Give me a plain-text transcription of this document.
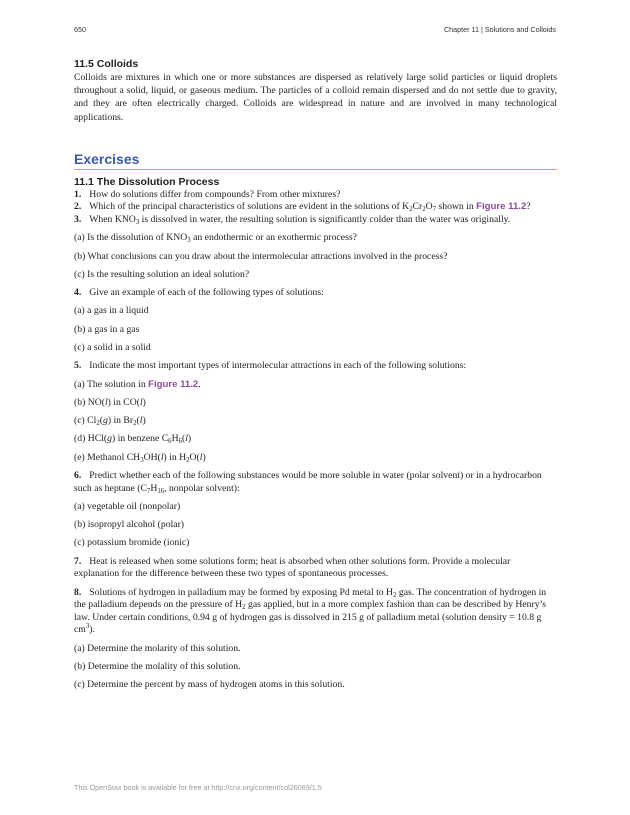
650	Chapter 11 | Solutions and Colloids
11.5 Colloids

Colloids are mixtures in which one or more substances are dispersed as relatively large solid particles or liquid droplets throughout a solid, liquid, or gaseous medium. The particles of a colloid remain dispersed and do not settle due to gravity, and they are often electrically charged. Colloids are widespread in nature and are involved in many technological applications.

Exercises
11.1 The Dissolution Process

1. How do solutions differ from compounds? From other mixtures?

2. Which of the principal characteristics of solutions are evident in the solutions of $K_2Cr_2O_7$ shown in Figure 11.2?

3. When $KNO_3$ is dissolved in water, the resulting solution is significantly colder than the water was originally.

(a) Is the dissolution of $KNO_3$ an endothermic or an exothermic process?

(b) What conclusions can you draw about the intermolecular attractions involved in the process?

(c) Is the resulting solution an ideal solution?

4. Give an example of each of the following types of solutions:

(a) a gas in a liquid

(b) a gas in a gas

(c) a solid in a solid

5. Indicate the most important types of intermolecular attractions in each of the following solutions:

(a) The solution in Figure 11.2.

(b) NO(l) in CO(l)

(c) $Cl_2(g)$ in $Br_2(l)$

(d) HCl(g) in benzene $C_6H_6(l)$

(e) Methanol $CH_3OH(l)$ in $H_2O(l)$

6. Predict whether each of the following substances would be more soluble in water (polar solvent) or in a hydrocarbon such as heptane ($C_7H_{16}$, nonpolar solvent):

(a) vegetable oil (nonpolar)

(b) isopropyl alcohol (polar)

(c) potassium bromide (ionic)

7. Heat is released when some solutions form; heat is absorbed when other solutions form. Provide a molecular explanation for the difference between these two types of spontaneous processes.

8. Solutions of hydrogen in palladium may be formed by exposing Pd metal to $H_2$ gas. The concentration of hydrogen in the palladium depends on the pressure of $H_2$ gas applied, but in a more complex fashion than can be described by Henry’s law. Under certain conditions, 0.94 g of hydrogen gas is dissolved in 215 g of palladium metal (solution density = 10.8 g $cm^3$).

(a) Determine the molarity of this solution.

(b) Determine the molality of this solution.

(c) Determine the percent by mass of hydrogen atoms in this solution.

This OpenStax book is available for free at http://cnx.org/content/col26069/1.5
